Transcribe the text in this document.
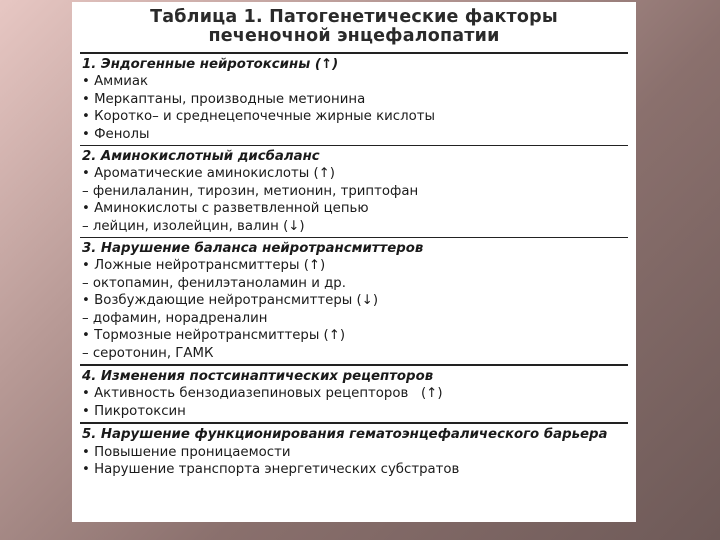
Таблица 1. Патогенетические факторы
печеночной энцефалопатии
1. Эндогенные нейротоксины (↑)
• Аммиак
• Меркаптаны, производные метионина
• Коротко– и среднецепочечные жирные кислоты
• Фенолы
2. Аминокислотный дисбаланс
• Ароматические аминокислоты (↑)
– фенилаланин, тирозин, метионин, триптофан
• Аминокислоты с разветвленной цепью
– лейцин, изолейцин, валин (↓)
3. Нарушение баланса нейротрансмиттеров
• Ложные нейротрансмиттеры (↑)
– октопамин, фенилэтаноламин и др.
• Возбуждающие нейротрансмиттеры (↓)
– дофамин, норадреналин
• Тормозные нейротрансмиттеры (↑)
– серотонин, ГАМК
4. Изменения постсинаптических рецепторов
• Активность бензодиазепиновых рецепторов   (↑)
• Пикротоксин
5. Нарушение функционирования гематоэнцефалического барьера
• Повышение проницаемости
• Нарушение транспорта энергетических субстратов
